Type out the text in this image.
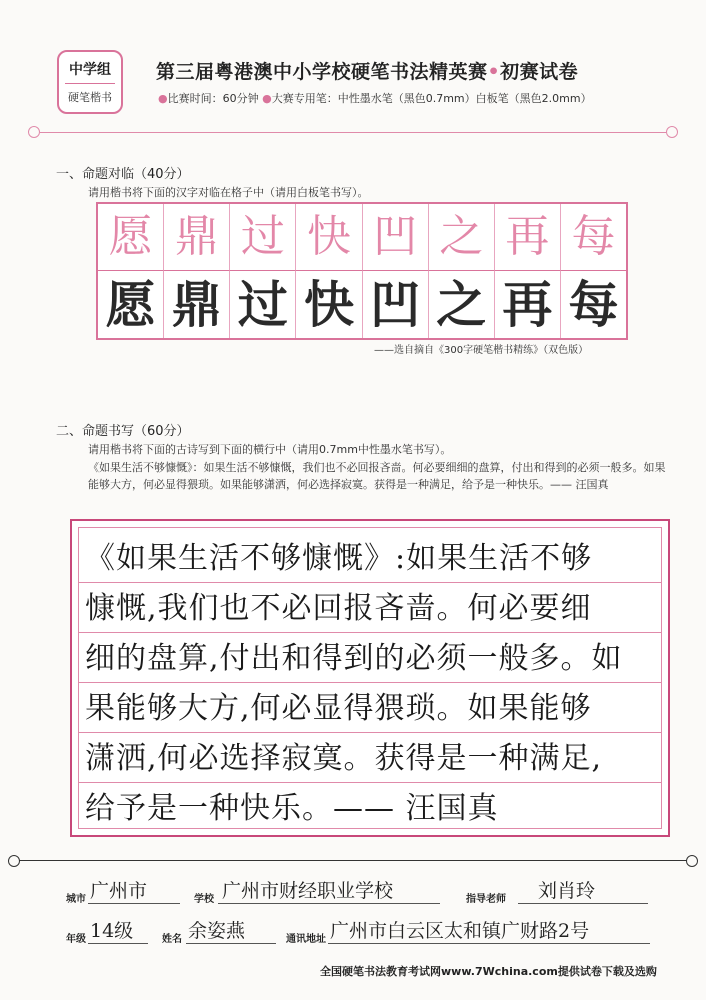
中学组
硬笔楷书
第三届粤港澳中小学校硬笔书法精英赛•初赛试卷
●比赛时间：60分钟 ●大赛专用笔：中性墨水笔（黑色0.7mm）白板笔（黑色2.0mm）
一、命题对临（40分）
请用楷书将下面的汉字对临在格子中（请用白板笔书写）。
愿 鼎 过 快 凹 之 再 每
愿 鼎 过 快 凹 之 再 每
——选自摘自《300字硬笔楷书精练》（双色版）
二、命题书写（60分）
请用楷书将下面的古诗写到下面的横行中（请用0.7mm中性墨水笔书写）。
《如果生活不够慷慨》：如果生活不够慷慨，我们也不必回报吝啬。何必要细细的盘算，付出和得到的必须一般多。如果能够大方，何必显得猥琐。如果能够潇洒，何必选择寂寞。获得是一种满足，给予是一种快乐。—— 汪国真
《如果生活不够慷慨》:如果生活不够
慷慨,我们也不必回报吝啬。何必要细
细的盘算,付出和得到的必须一般多。如
果能够大方,何必显得猥琐。如果能够
潇洒,何必选择寂寞。获得是一种满足,
给予是一种快乐。—— 汪国真
城市 广州市	学校 广州市财经职业学校	指导老师 刘肖玲
年级 14级	姓名 余姿燕	通讯地址 广州市白云区太和镇广财路2号
全国硬笔书法教育考试网www.7Wchina.com提供试卷下载及选购
